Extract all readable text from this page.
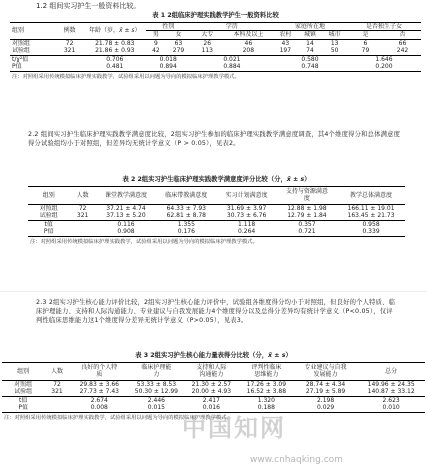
1.2 组间实习护生一般资料比较。
表 1 2组临床护理实践教学护生一般资料比较
组别	例数	年龄（岁，x̄ ± s）	性别		学历		家庭所在地			是否独生子女	
			男	女	大专	本科及以上	农村	城镇	城市	是	否
对照组	72	21.78 ± 0.83	9	63	26	46	43	14	13	6	66
试验组	321	21.86 ± 0.93	42	279	113	208	197	74	50	79	242
t/χ²值		0.706	0.018		0.021		0.580			1.646	
P值		0.481	0.894		0.884		0.748			0.200	
注：对照组采用传统模拟临床护理实践教学，试验组采用以问题为导向的模拟临床护理教学模式。
2.2 组间实习护生临床护理实践教学满意度比较，2组实习护生参加的临床护理实践教学满意度调查，其4个维度得分和总体满意度得分试验组均小于对照组，但差异均无统计学意义（P > 0.05），见表2。
表 2 2组实习护生临床护理实践教学满意度评分比较（分，x̄ ± s）
组别	人数	课堂教学满意度	临床带教满意度	实习计划满意度	支持与资源满意度	教学总体满意度
对照组	72	37.21 ± 4.74	64.33 ± 7.93	31.69 ± 3.97	12.88 ± 1.98	166.11 ± 19.01
试验组	321	37.13 ± 5.20	62.81 ± 8.78	30.73 ± 6.76	12.79 ± 1.84	163.45 ± 21.73
t值		0.116	1.355	1.118	0.357	0.958
P值		0.908	0.176	0.264	0.721	0.339
注：对照组采用传统模拟临床护理实践教学，试验组采用以问题为导向的模拟临床护理教学模式。
2.3 2组实习护生核心能力评价比较，2组实习护生核心能力评价中，试验组各维度得分均小于对照组，但良好的个人特质、临床护理能力、支持和人际沟通能力、专业建议与自我发展能力4个维度得分以及总得分差异均有统计学意义（P<0.05），仅评判性临床思维能力这1个维度得分差异无统计学意义（P>0.05），见表3。
表 3 2组实习护生核心能力量表得分比较（分，x̄ ± s）
组别	人数	良好的个人特质	临床护理能力	支持和人际沟通能力	评判性临床思维能力	专业建议与自我发展能力	总分
对照组	72	29.83 ± 3.66	53.33 ± 8.53	21.30 ± 2.57	17.26 ± 3.09	28.74 ± 4.34	149.96 ± 24.35
试验组	321	27.73 ± 7.43	50.30 ± 12.99	20.00 ± 4.93	16.52 ± 3.88	27.19 ± 5.89	140.87 ± 33.12
t值		2.674	2.446	2.417	1.320	2.198	2.623
P值		0.008	0.015	0.016	0.188	0.029	0.010
注：对照组采用传统模拟临床护理实践教学，试验组采用以问题为导向的模拟临床护理教学模式。
中国知网
www.cnhaqking.com
